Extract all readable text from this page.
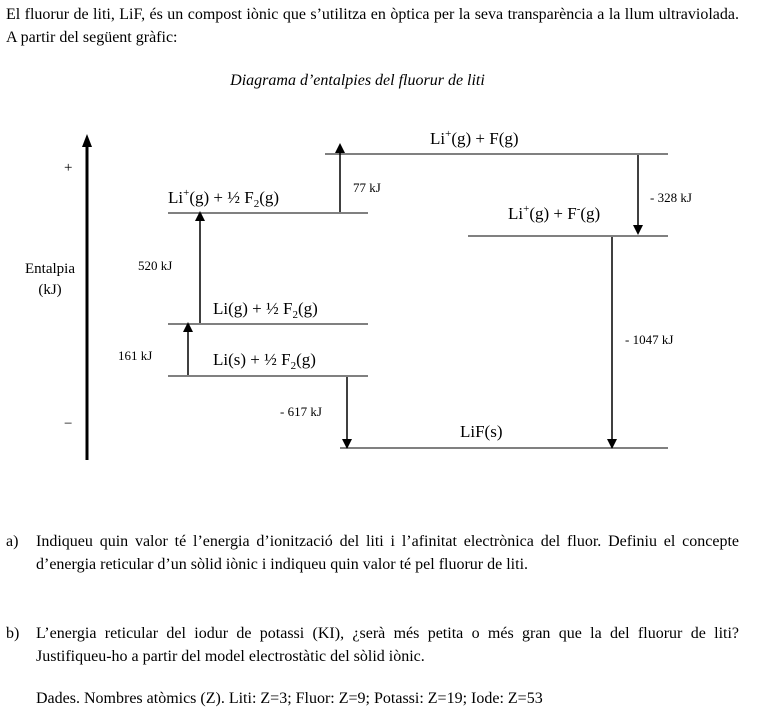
El fluorur de liti, LiF, és un compost iònic que s’utilitza en òptica per la seva transparència a la llum ultraviolada. A partir del següent gràfic:

Diagrama d’entalpies del fluorur de liti
+
−
Entalpia
(kJ)
Li+(g) + F(g)
Li+(g) + ½ $F_2(g)$
Li+(g) + F-(g)
Li(g) + ½ $F_2(g)$
Li(s) + ½ $F_2(g)$
LiF(s)
161 kJ
520 kJ
77 kJ
- 328 kJ
- 1047 kJ
- 617 kJ
a) Indiqueu quin valor té l’energia d’ionització del liti i l’afinitat electrònica del fluor. Definiu el concepte d’energia reticular d’un sòlid iònic i indiqueu quin valor té pel fluorur de liti.
b) L’energia reticular del iodur de potassi (KI), ¿serà més petita o més gran que la del fluorur de liti? Justifiqueu-ho a partir del model electrostàtic del sòlid iònic.

Dades. Nombres atòmics (Z). Liti: Z=3; Fluor: Z=9; Potassi: Z=19; Iode: Z=53
